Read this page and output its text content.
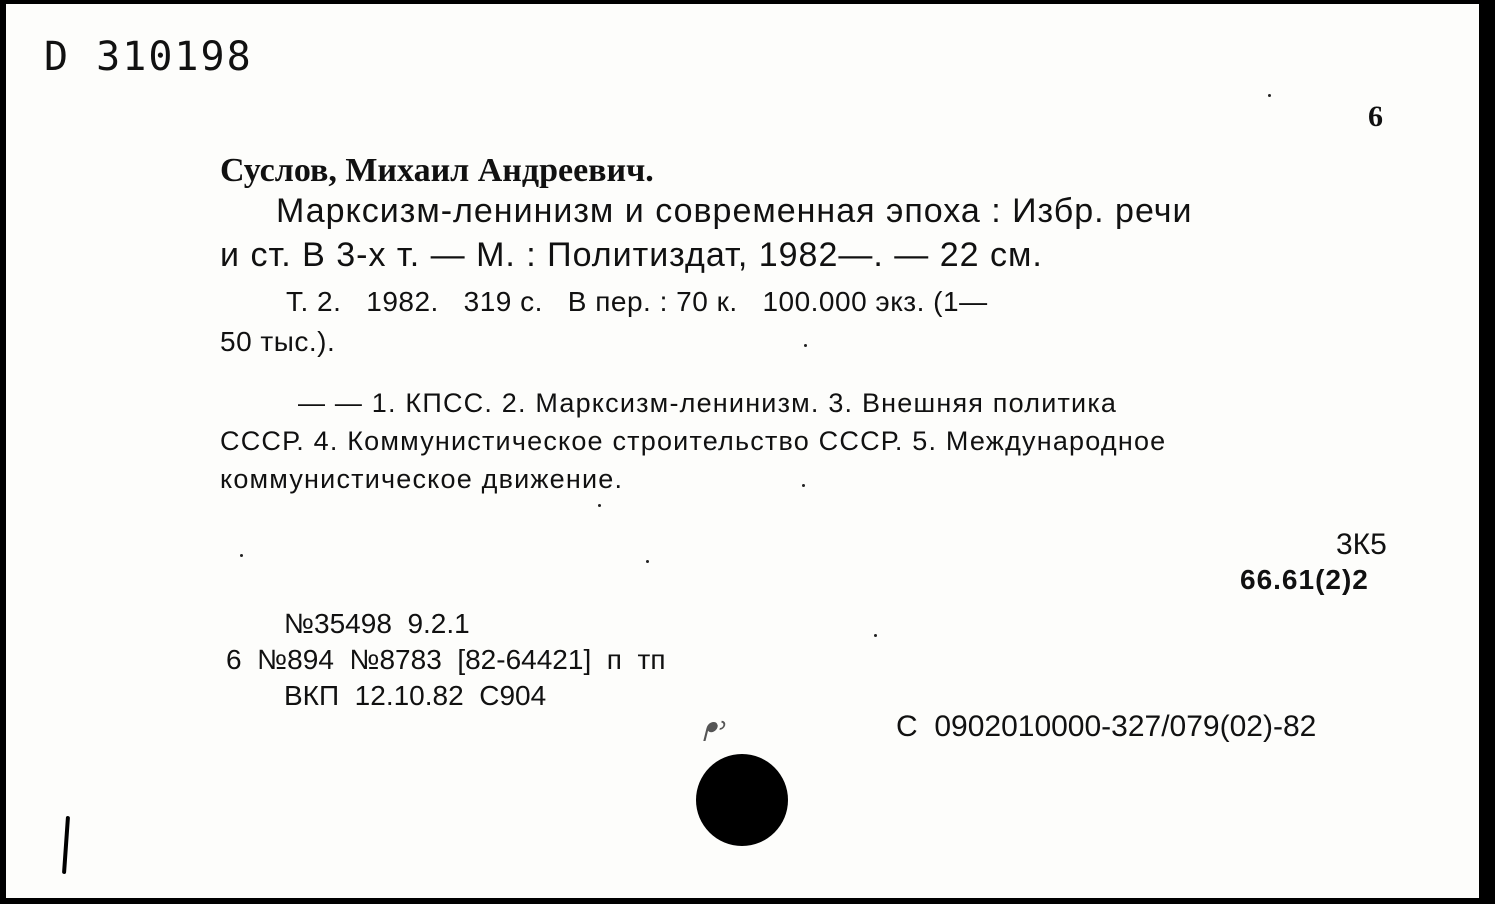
D 310198
6
Суслов, Михаил Андреевич.
Марксизм-ленинизм и современная эпоха : Избр. речи
и ст. В 3-х т. — М. : Политиздат, 1982—. — 22 см.
Т. 2.   1982.   319 с.   В пер. : 70 к.   100.000 экз. (1—
50 тыс.).
— — 1. КПСС. 2. Марксизм-ленинизм. 3. Внешняя политика
СССР. 4. Коммунистическое строительство СССР. 5. Международное
коммунистическое движение.
3К5
66.61(2)2
№35498  9.2.1
6  №894  №8783  [82-64421]  п  тп
ВКП  12.10.82  С904
ᖰᐣ	С  0902010000-327/079(02)-82
